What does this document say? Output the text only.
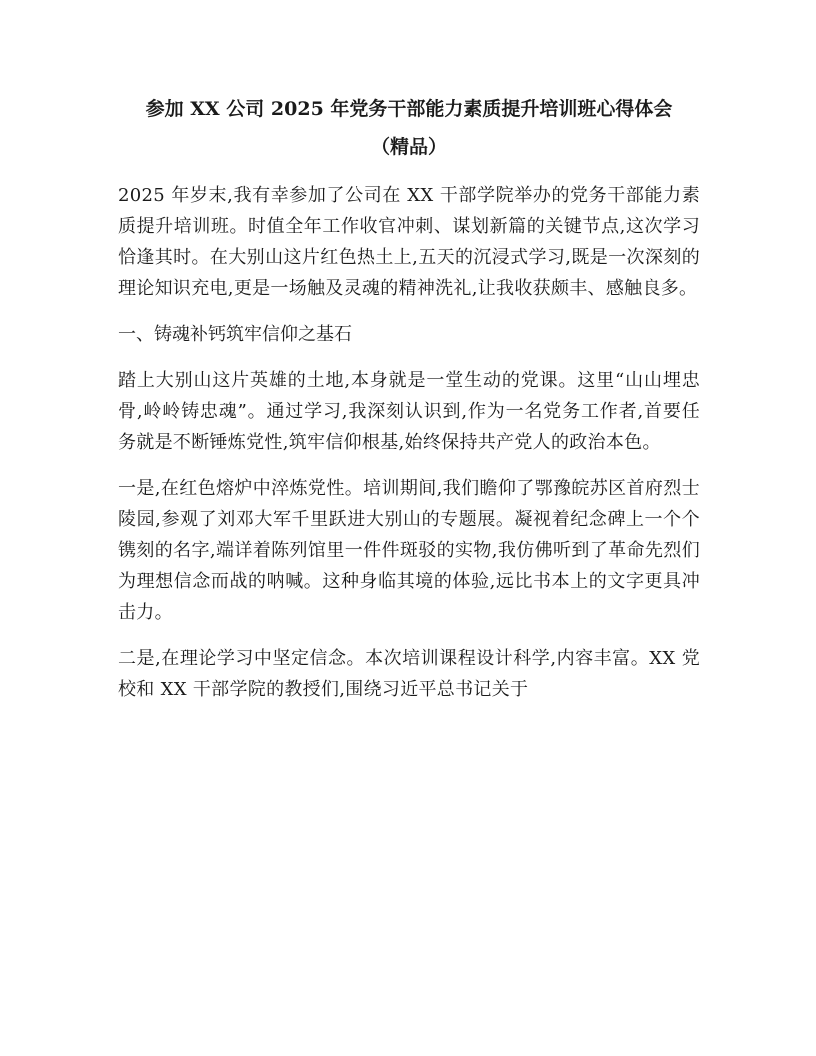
参加 XX 公司 2025 年党务干部能力素质提升培训班心得体会
（精品）

2025 年岁末,我有幸参加了公司在 XX 干部学院举办的党务干部能力素质提升培训班。时值全年工作收官冲刺、谋划新篇的关键节点,这次学习恰逢其时。在大别山这片红色热土上,五天的沉浸式学习,既是一次深刻的理论知识充电,更是一场触及灵魂的精神洗礼,让我收获颇丰、感触良多。

一、铸魂补钙筑牢信仰之基石

踏上大别山这片英雄的土地,本身就是一堂生动的党课。这里“山山埋忠骨,岭岭铸忠魂”。通过学习,我深刻认识到,作为一名党务工作者,首要任务就是不断锤炼党性,筑牢信仰根基,始终保持共产党人的政治本色。

一是,在红色熔炉中淬炼党性。培训期间,我们瞻仰了鄂豫皖苏区首府烈士陵园,参观了刘邓大军千里跃进大别山的专题展。凝视着纪念碑上一个个镌刻的名字,端详着陈列馆里一件件斑驳的实物,我仿佛听到了革命先烈们为理想信念而战的呐喊。这种身临其境的体验,远比书本上的文字更具冲击力。

二是,在理论学习中坚定信念。本次培训课程设计科学,内容丰富。XX 党校和 XX 干部学院的教授们,围绕习近平总书记关于
